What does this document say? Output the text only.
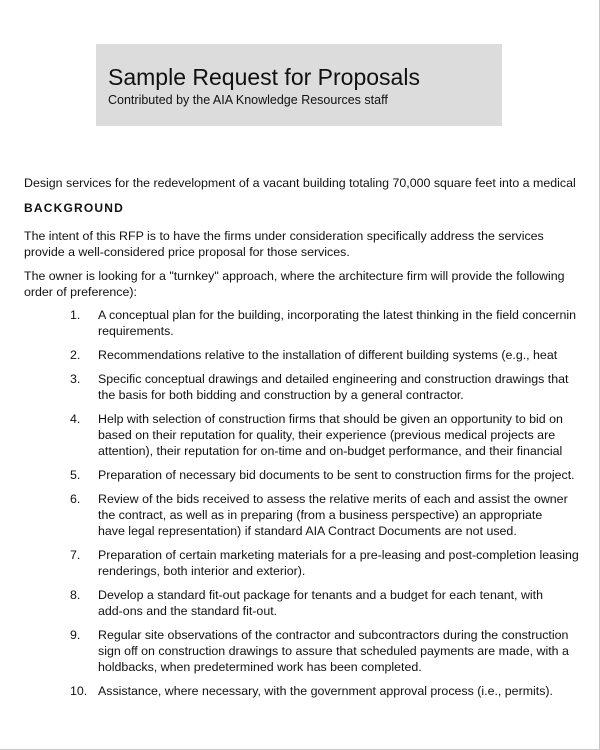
Sample Request for Proposals
Contributed by the AIA Knowledge Resources staff
Design services for the redevelopment of a vacant building totaling 70,000 square feet into a medical
BACKGROUND
The intent of this RFP is to have the firms under consideration specifically address the services
provide a well-considered price proposal for those services.
The owner is looking for a "turnkey" approach, where the architecture firm will provide the following
order of preference):
1.	A conceptual plan for the building, incorporating the latest thinking in the field concernin
requirements.
2.	Recommendations relative to the installation of different building systems (e.g., heat
3.	Specific conceptual drawings and detailed engineering and construction drawings that
the basis for both bidding and construction by a general contractor.
4.	Help with selection of construction firms that should be given an opportunity to bid on
based on their reputation for quality, their experience (previous medical projects are
attention), their reputation for on-time and on-budget performance, and their financial
5.	Preparation of necessary bid documents to be sent to construction firms for the project.
6.	Review of the bids received to assess the relative merits of each and assist the owner
the contract, as well as in preparing (from a business perspective) an appropriate
have legal representation) if standard AIA Contract Documents are not used.
7.	Preparation of certain marketing materials for a pre-leasing and post-completion leasing
renderings, both interior and exterior).
8.	Develop a standard fit-out package for tenants and a budget for each tenant, with
add-ons and the standard fit-out.
9.	Regular site observations of the contractor and subcontractors during the construction
sign off on construction drawings to assure that scheduled payments are made, with a
holdbacks, when predetermined work has been completed.
10. Assistance, where necessary, with the government approval process (i.e., permits).
